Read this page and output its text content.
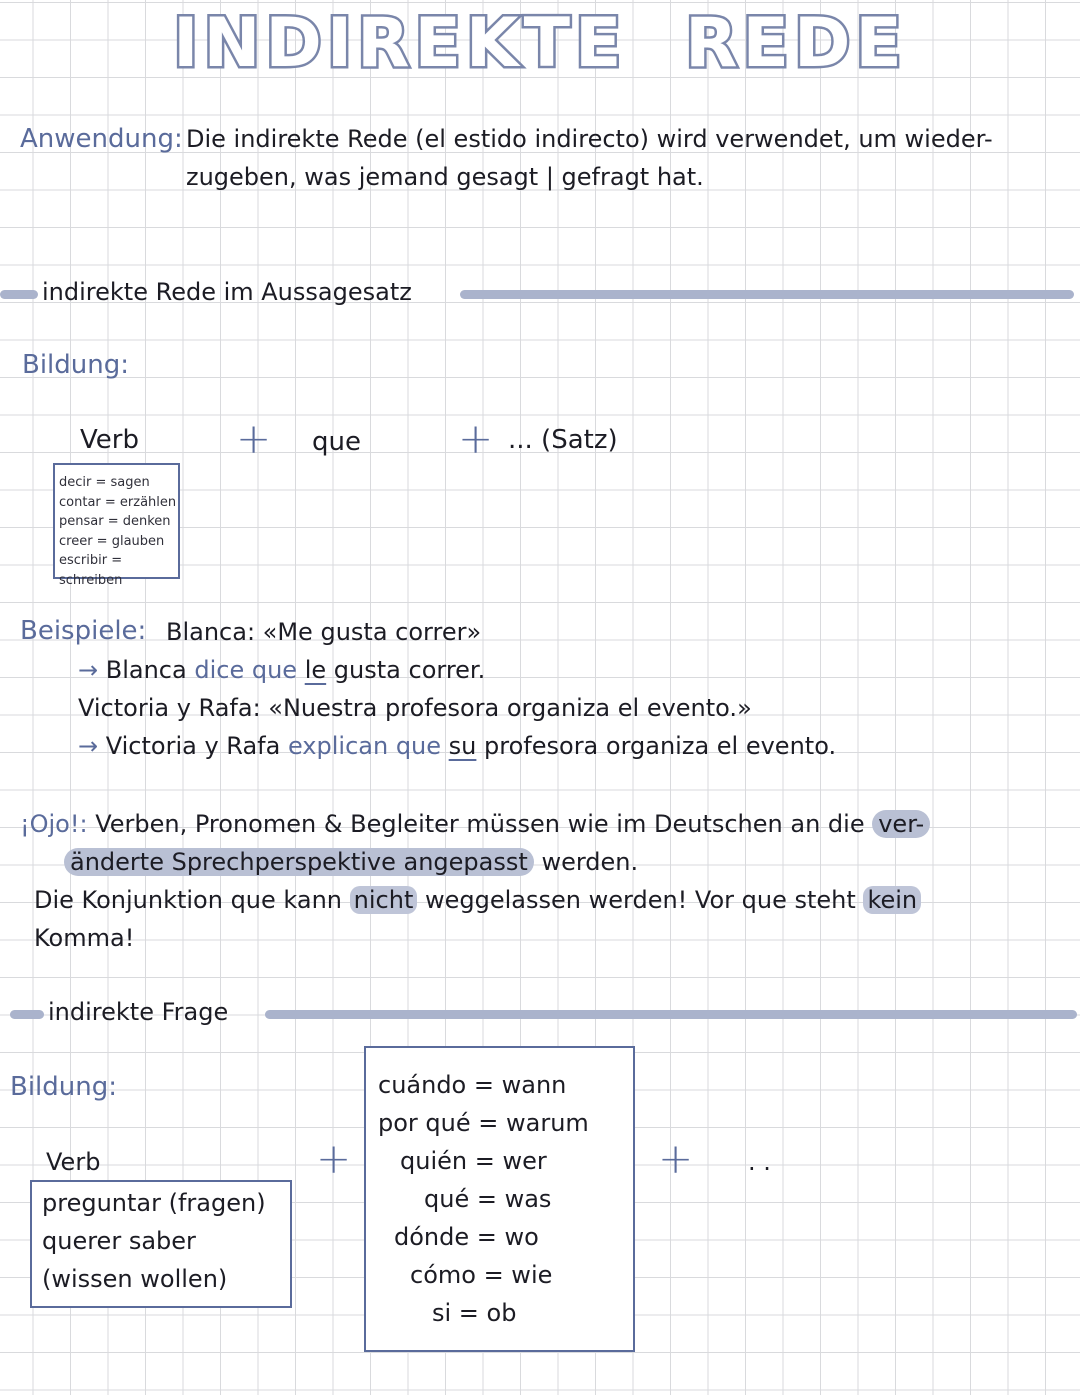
INDIREKTE REDE
Anwendung: Die indirekte Rede (el estido indirecto) wird verwendet, um wieder-
zugeben, was jemand gesagt | gefragt hat.
indirekte Rede im Aussagesatz
Bildung:
Verb + que + ... (Satz)
decir = sagen
contar = erzählen
pensar = denken
creer = glauben
escribir = schreiben
Beispiele: Blanca: «Me gusta correr»
→ Blanca dice que le gusta correr.
Victoria y Rafa: «Nuestra profesora organiza el evento.»
→ Victoria y Rafa explican que su profesora organiza el evento.
¡Ojo!: Verben, Pronomen & Begleiter müssen wie im Deutschen an die ver-
änderte Sprechperspektive angepasst werden.
Die Konjunktion que kann nicht weggelassen werden! Vor que steht kein
Komma!
indirekte Frage
Bildung:
Verb
preguntar (fragen)
querer saber
(wissen wollen)
+
cuándo = wann
por qué = warum
quién = wer
qué = was
dónde = wo
cómo = wie
si = ob
+ . .
